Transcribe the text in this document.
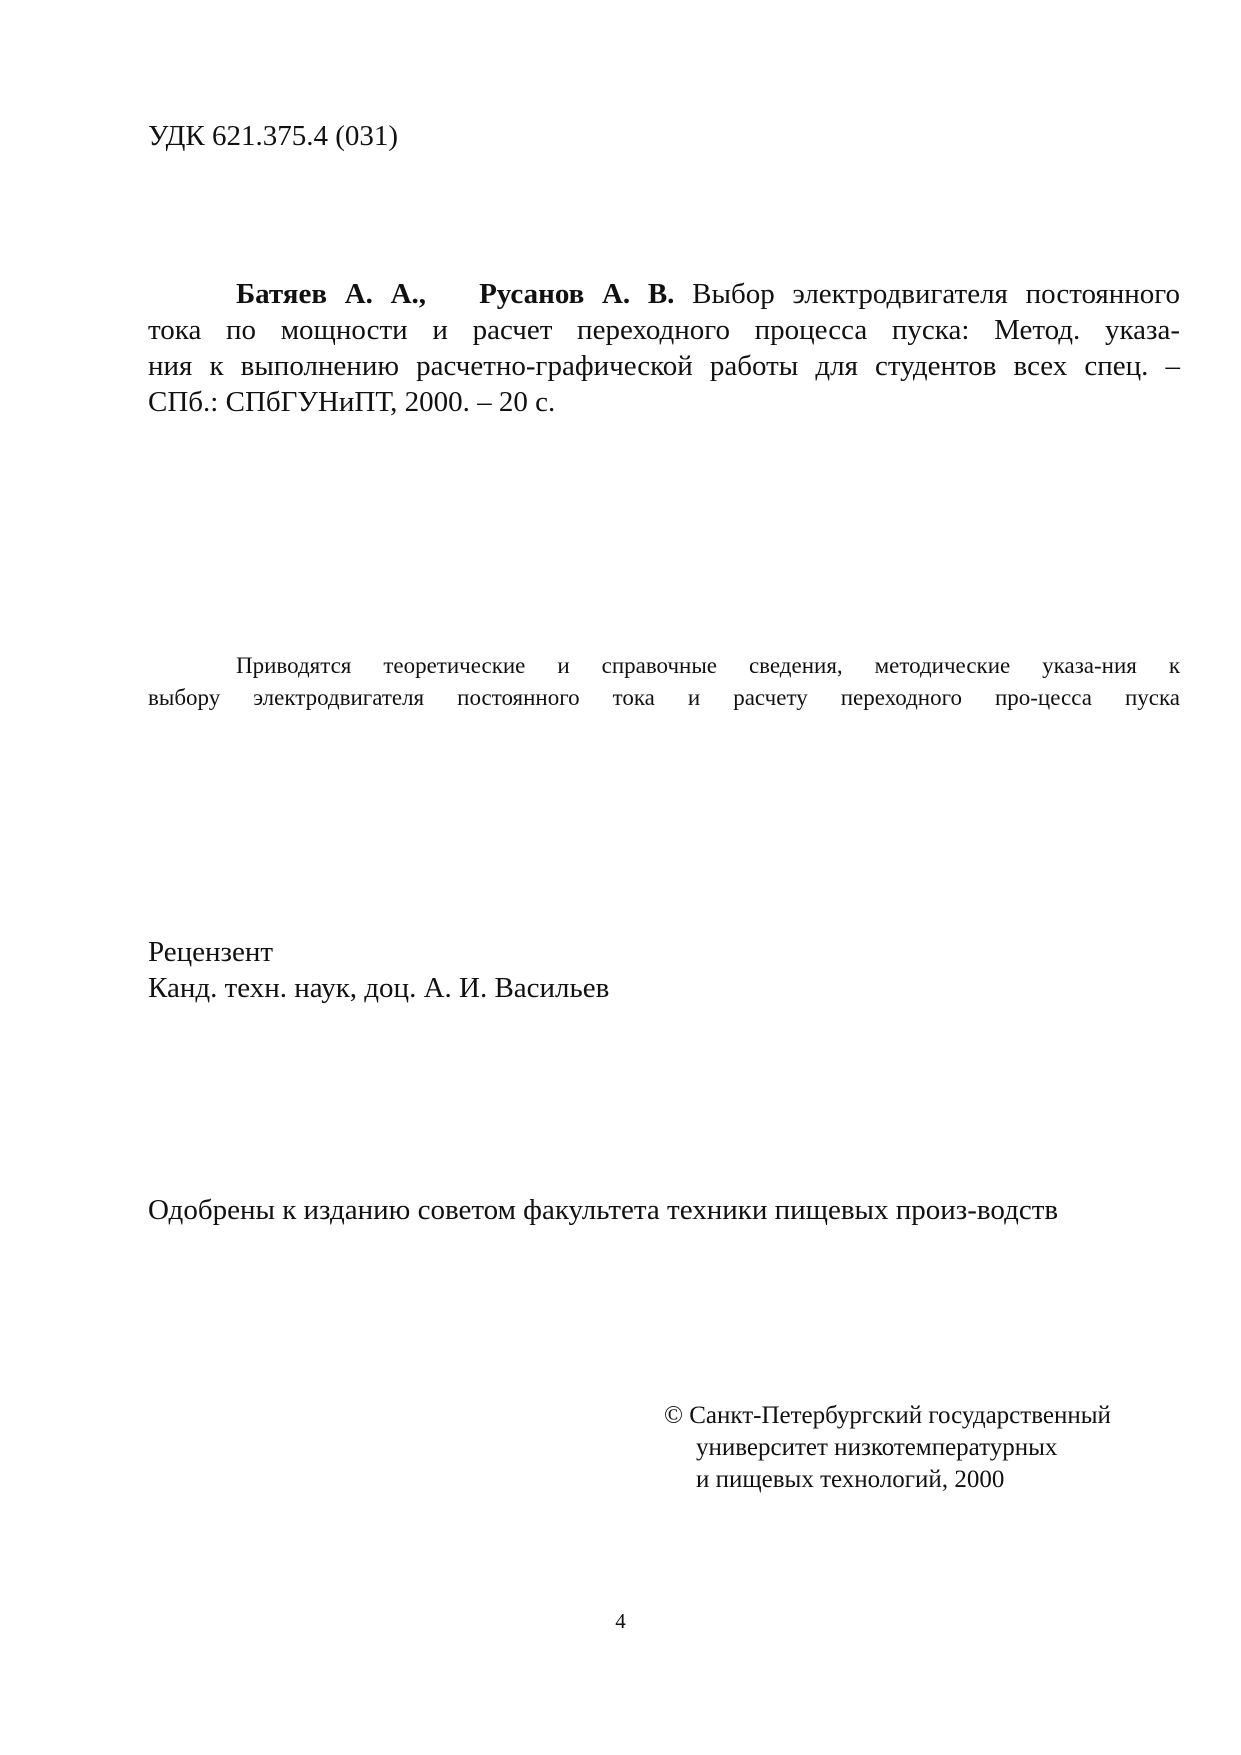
УДК 621.375.4 (031)
Батяев А. А., Русанов А. В. Выбор электродвигателя постоянного
тока по мощности и расчет переходного процесса пуска: Метод. указа-
ния к выполнению расчетно-графической работы для студентов всех спец. –
СПб.: СПбГУНиПТ, 2000. – 20 с.
Приводятся теоретические и справочные сведения, методические указа-ния к
выбору электродвигателя постоянного тока и расчету переходного про-цесса пуска
Рецензент
Канд. техн. наук, доц. А. И. Васильев
Одобрены к изданию советом факультета техники пищевых произ-водств
© Санкт-Петербургский государственный
университет низкотемпературных
и пищевых технологий, 2000
4
